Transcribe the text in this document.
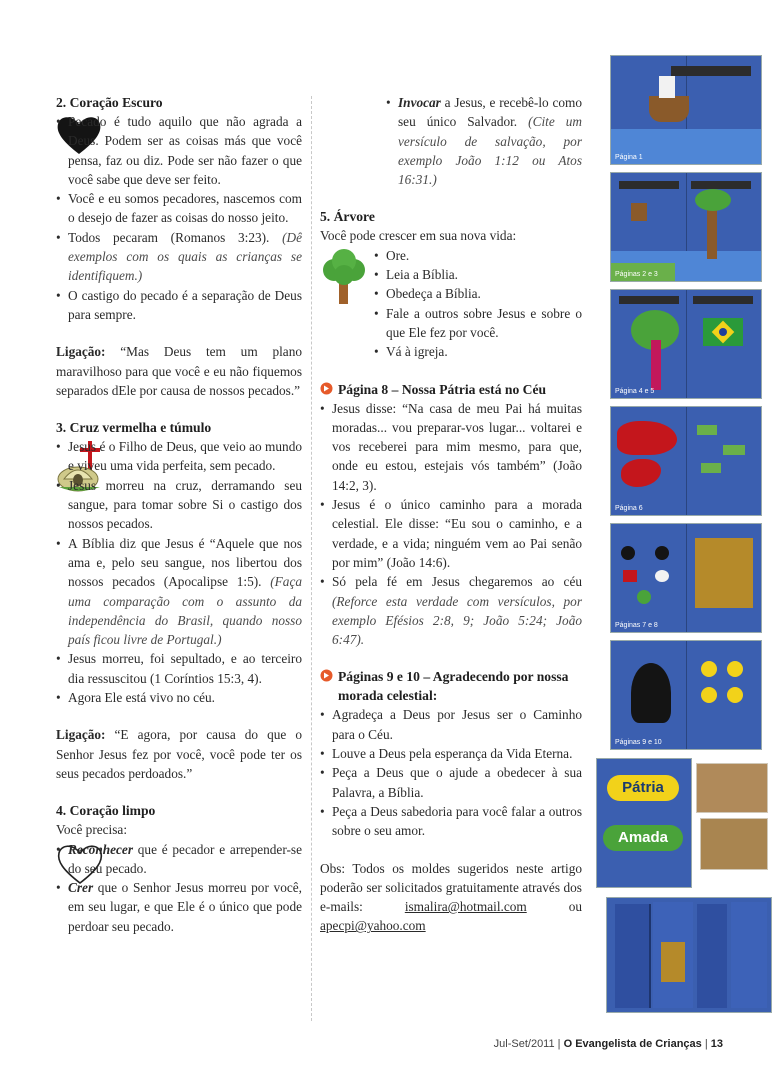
2. Coração Escuro
• Pecado é tudo aquilo que não agrada a Deus. Podem ser as coisas más que você pensa, faz ou diz. Pode ser não fazer o que você sabe que deve ser feito.
• Você e eu somos pecadores, nascemos com o desejo de fazer as coisas do nosso jeito.
• Todos pecaram (Romanos 3:23). (Dê exemplos com os quais as crianças se identifiquem.)
• O castigo do pecado é a separação de Deus para sempre.

Ligação: “Mas Deus tem um plano maravilhoso para que você e eu não fiquemos separados dEle por causa de nossos pecados.”

3. Cruz vermelha e túmulo
• Jesus é o Filho de Deus, que veio ao mundo e viveu uma vida perfeita, sem pecado.
• Jesus morreu na cruz, derramando seu sangue, para tomar sobre Si o castigo dos nossos pecados.
• A Bíblia diz que Jesus é “Aquele que nos ama e, pelo seu sangue, nos libertou dos nossos pecados (Apocalipse 1:5). (Faça uma comparação com o assunto da independência do Brasil, quando nosso país ficou livre de Portugal.)
• Jesus morreu, foi sepultado, e ao terceiro dia ressuscitou (1 Coríntios 15:3, 4).
• Agora Ele está vivo no céu.

Ligação: “E agora, por causa do que o Senhor Jesus fez por você, você pode ter os seus pecados perdoados.”

4. Coração limpo

Você precisa:

• Reconhecer que é pecador e arrepender-se do seu pecado.
• Crer que o Senhor Jesus morreu por você, em seu lugar, e que Ele é o único que pode perdoar seu pecado.
• Invocar a Jesus, e recebê-lo como seu único Salvador. (Cite um versículo de salvação, por exemplo João 1:12 ou Atos 16:31.)
5. Árvore

Você pode crescer em sua nova vida:

• Ore.
• Leia a Bíblia.
• Obedeça a Bíblia.
• Fale a outros sobre Jesus e sobre o que Ele fez por você.
• Vá à igreja.
Página 8 – Nossa Pátria está no Céu
• Jesus disse: “Na casa de meu Pai há muitas moradas... vou preparar-vos lugar... voltarei e vos receberei para mim mesmo, para que, onde eu estou, estejais vós também” (João 14:2, 3).
• Jesus é o único caminho para a morada celestial. Ele disse: “Eu sou o caminho, e a verdade, e a vida; ninguém vem ao Pai senão por mim” (João 14:6).
• Só pela fé em Jesus chegaremos ao céu (Reforce esta verdade com versículos, por exemplo Efésios 2:8, 9; João 5:24; João 6:47).
Páginas 9 e 10 – Agradecendo por nossa morada celestial:
• Agradeça a Deus por Jesus ser o Caminho para o Céu.
• Louve a Deus pela esperança da Vida Eterna.
• Peça a Deus que o ajude a obedecer à sua Palavra, a Bíblia.
• Peça a Deus sabedoria para você falar a outros sobre o seu amor.

Obs: Todos os moldes sugeridos neste artigo poderão ser solicitados gratuitamente através dos e-mails:	ismalira@hotmail.com	ou apecpi@yahoo.com

Página 1
Páginas 2 e 3
Página 4 e 5
Página 6
Páginas 7 e 8
Páginas 9 e 10
Pátria
Amada
Jul-Set/2011 | O Evangelista de Crianças | 13
